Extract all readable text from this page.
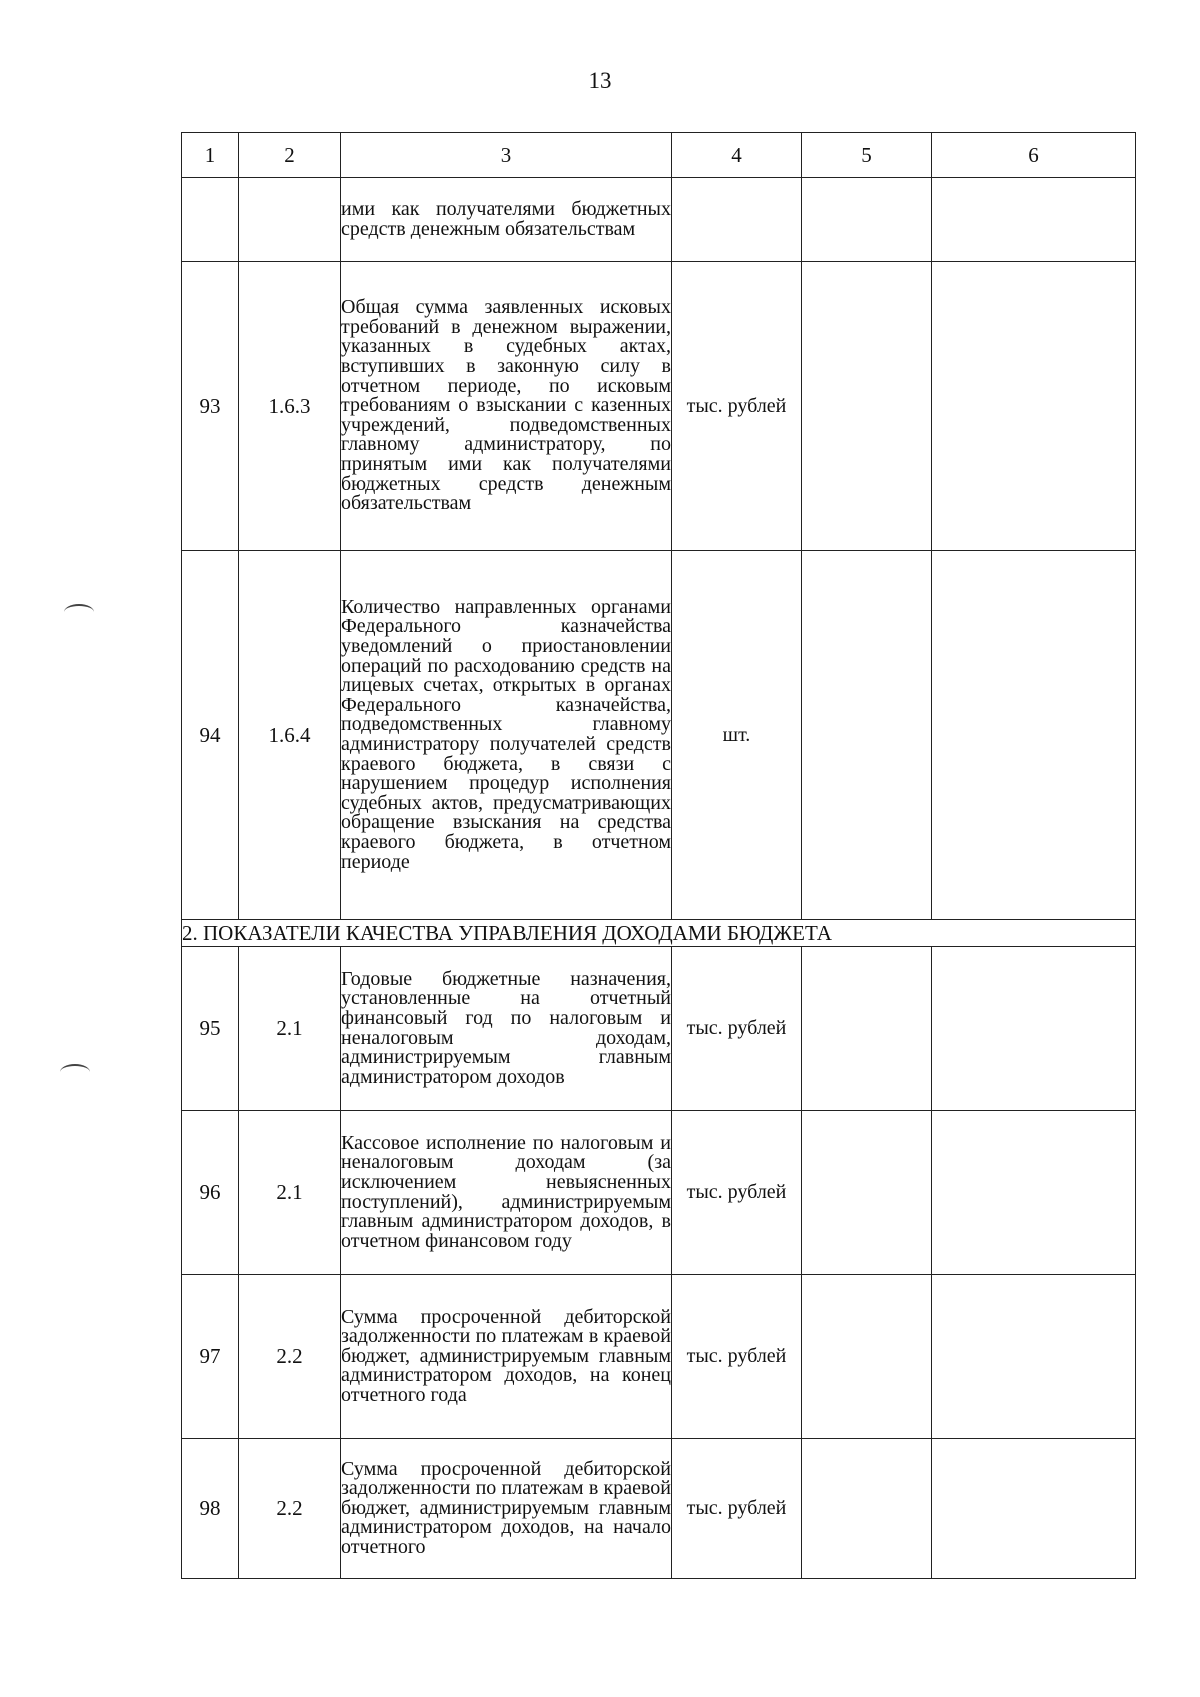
13
1	2	3	4	5	6
		ими как получателями бюджетных средств денежным обязательствам			
93	1.6.3	Общая сумма заявленных исковых требований в денежном выражении, указанных в судебных актах, вступивших в законную силу в отчетном периоде, по исковым требованиям о взыскании с казенных учреждений, подведомственных главному администратору, по принятым ими как получателями бюджетных средств денежным обязательствам	тыс. рублей		
94	1.6.4	Количество направленных органами Федерального казначейства уведомлений о приостановлении операций по расходованию средств на лицевых счетах, открытых в органах Федерального казначейства, подведомственных главному администратору получателей средств краевого бюджета, в связи с нарушением процедур исполнения судебных актов, предусматривающих обращение взыскания на средства краевого бюджета, в отчетном периоде	шт.		
2. ПОКАЗАТЕЛИ КАЧЕСТВА УПРАВЛЕНИЯ ДОХОДАМИ БЮДЖЕТА					
95	2.1	Годовые бюджетные назначения, установленные на отчетный финансовый год по налоговым и неналоговым доходам, администрируемым главным администратором доходов	тыс. рублей		
96	2.1	Кассовое исполнение по налоговым и неналоговым доходам (за исключением невыясненных поступлений), администрируемым главным администратором доходов, в отчетном финансовом году	тыс. рублей		
97	2.2	Сумма просроченной дебиторской задолженности по платежам в краевой бюджет, администрируемым главным администратором доходов, на конец отчетного года	тыс. рублей		
98	2.2	Сумма просроченной дебиторской задолженности по платежам в краевой бюджет, администрируемым главным администратором доходов, на начало отчетного	тыс. рублей		
